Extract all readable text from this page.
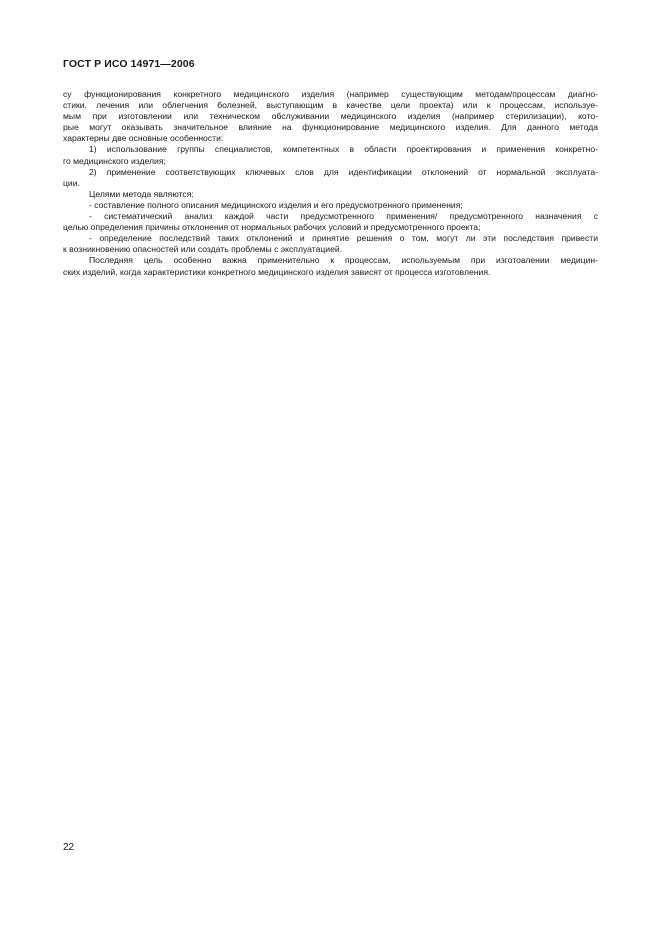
ГОСТ Р ИСО 14971—2006
су функционирования конкретного медицинского изделия (например существующим методам/процессам диагно-
стики, лечения или облегчения болезней, выступающим в качестве цели проекта) или к процессам, используе-
мым при изготовлении или техническом обслуживании медицинского изделия (например стерилизации), кото-
рые могут оказывать значительное влияние на функционирование медицинского изделия. Для данного метода
характерны две основные особенности:
1) использование группы специалистов, компетентных в области проектирования и применения конкретно-
го медицинского изделия;
2) применение соответствующих ключевых слов для идентификации отклонений от нормальной эксплуата-
ции.
Целями метода являются:
- составление полного описания медицинского изделия и его предусмотренного применения;
- систематический анализ каждой части предусмотренного применения/ предусмотренного назначения с
целью определения причины отклонения от нормальных рабочих условий и предусмотренного проекта;
- определение последствий таких отклонений и принятие решения о том, могут ли эти последствия привести
к возникновению опасностей или создать проблемы с эксплуатацией.
Последняя цель особенно важна применительно к процессам, используемым при изготовлении медицин-
ских изделий, когда характеристики конкретного медицинского изделия зависят от процесса изготовления.
22
